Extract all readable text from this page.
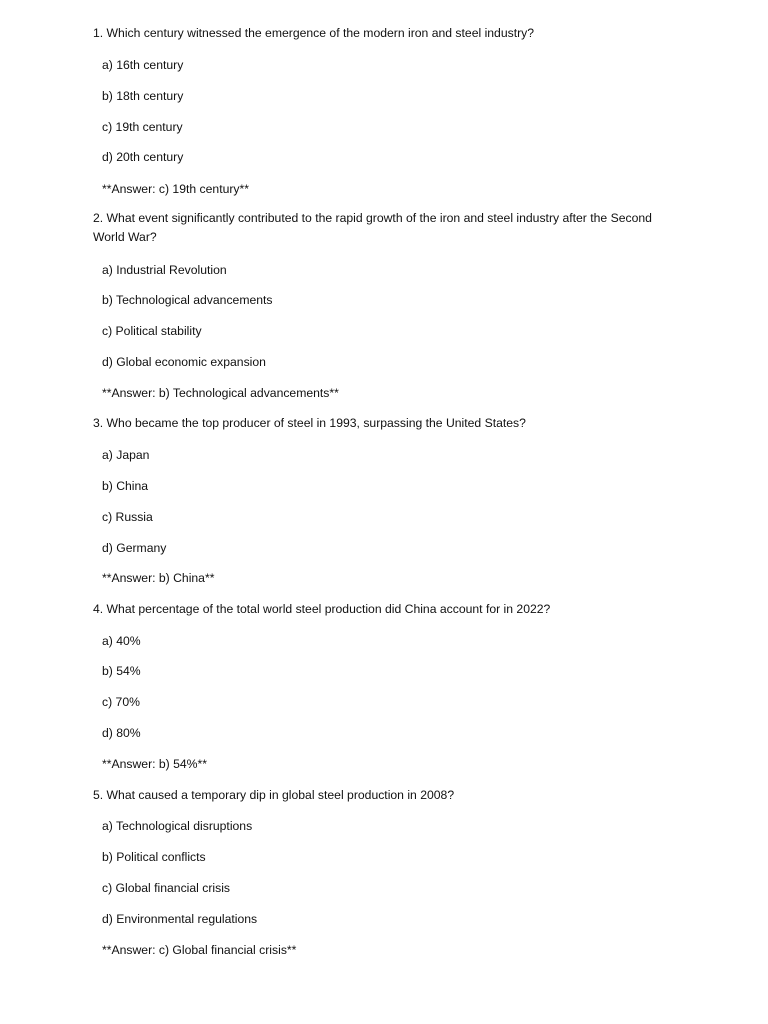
1. Which century witnessed the emergence of the modern iron and steel industry?

a) 16th century

b) 18th century

c) 19th century

d) 20th century

**Answer: c) 19th century**

2. What event significantly contributed to the rapid growth of the iron and steel industry after the Second World War?

a) Industrial Revolution

b) Technological advancements

c) Political stability

d) Global economic expansion

**Answer: b) Technological advancements**

3. Who became the top producer of steel in 1993, surpassing the United States?

a) Japan

b) China

c) Russia

d) Germany

**Answer: b) China**

4. What percentage of the total world steel production did China account for in 2022?

a) 40%

b) 54%

c) 70%

d) 80%

**Answer: b) 54%**

5. What caused a temporary dip in global steel production in 2008?

a) Technological disruptions

b) Political conflicts

c) Global financial crisis

d) Environmental regulations

**Answer: c) Global financial crisis**
